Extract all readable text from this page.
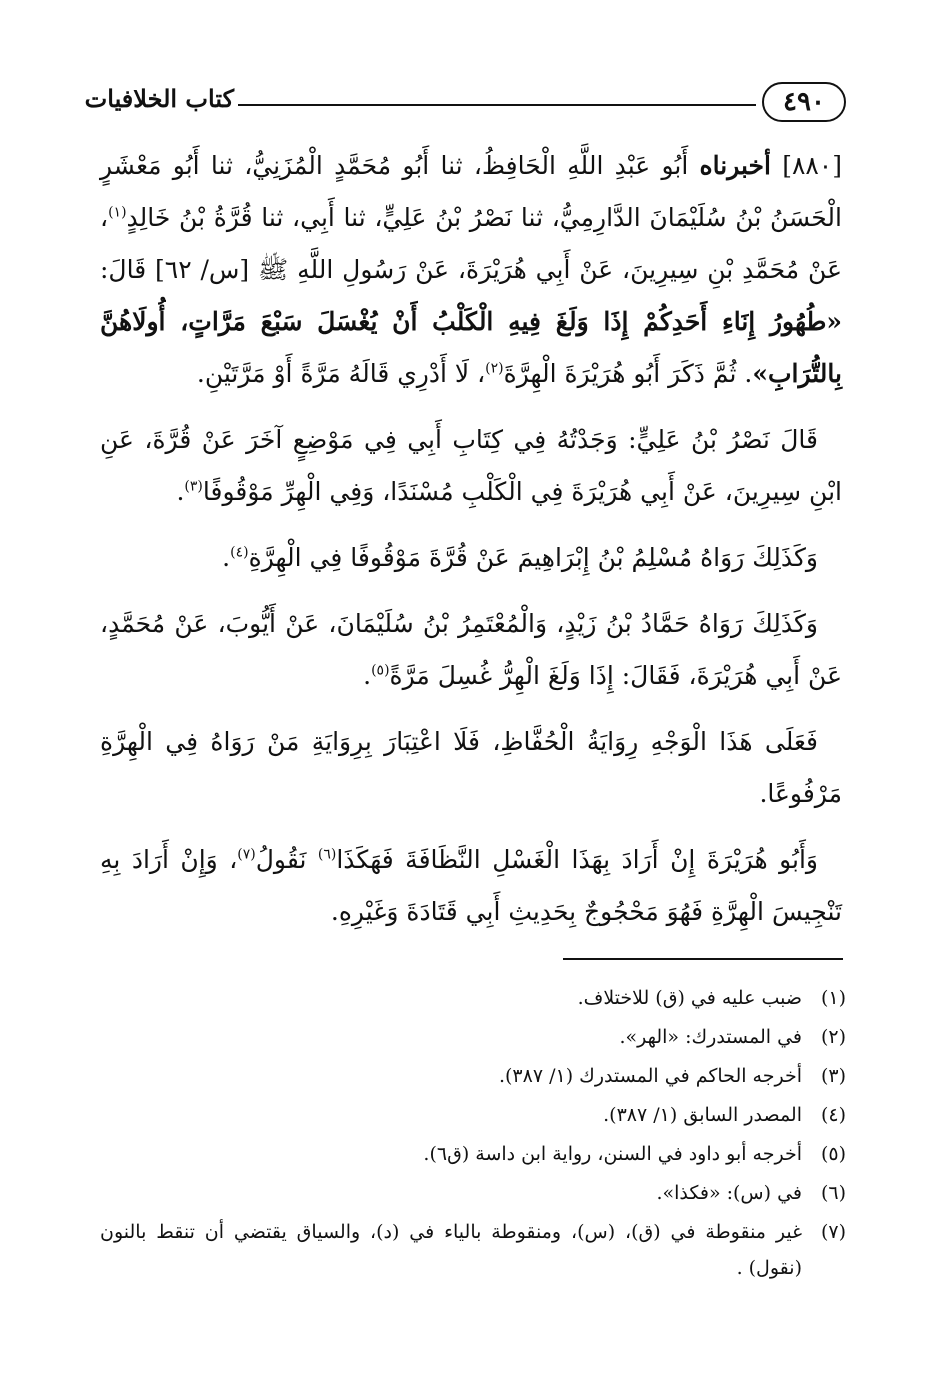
٤٩٠
كتاب الخلافيات

[٨٨٠] أخبرناه أَبُو عَبْدِ اللَّهِ الْحَافِظُ، ثنا أَبُو مُحَمَّدٍ الْمُزَنِيُّ، ثنا أَبُو مَعْشَرٍ الْحَسَنُ بْنُ سُلَيْمَانَ الدَّارِمِيُّ، ثنا نَصْرُ بْنُ عَلِيٍّ، ثنا أَبِي، ثنا قُرَّةُ بْنُ خَالِدٍ$^{(١)}$، عَنْ مُحَمَّدِ بْنِ سِيرِينَ، عَنْ أَبِي هُرَيْرَةَ، عَنْ رَسُولِ اللَّهِ ﷺ [س/ ٦٢] قَالَ: «طُهُورُ إِنَاءِ أَحَدِكُمْ إِذَا وَلَغَ فِيهِ الْكَلْبُ أَنْ يُغْسَلَ سَبْعَ مَرَّاتٍ، أُولَاهُنَّ بِالتُّرَابِ». ثُمَّ ذَكَرَ أَبُو هُرَيْرَةَ الْهِرَّةَ$^{(٢)}$، لَا أَدْرِي قَالَهُ مَرَّةً أَوْ مَرَّتَيْنِ.

قَالَ نَصْرُ بْنُ عَلِيٍّ: وَجَدْتُهُ فِي كِتَابِ أَبِي فِي مَوْضِعٍ آخَرَ عَنْ قُرَّةَ، عَنِ ابْنِ سِيرِينَ، عَنْ أَبِي هُرَيْرَةَ فِي الْكَلْبِ مُسْنَدًا، وَفِي الْهِرِّ مَوْقُوفًا$^{(٣)}$.

وَكَذَلِكَ رَوَاهُ مُسْلِمُ بْنُ إِبْرَاهِيمَ عَنْ قُرَّةَ مَوْقُوفًا فِي الْهِرَّةِ$^{(٤)}$.

وَكَذَلِكَ رَوَاهُ حَمَّادُ بْنُ زَيْدٍ، وَالْمُعْتَمِرُ بْنُ سُلَيْمَانَ، عَنْ أَيُّوبَ، عَنْ مُحَمَّدٍ، عَنْ أَبِي هُرَيْرَةَ، فَقَالَ: إِذَا وَلَغَ الْهِرُّ غُسِلَ مَرَّةً$^{(٥)}$.

فَعَلَى هَذَا الْوَجْهِ رِوَايَةُ الْحُفَّاظِ، فَلَا اعْتِبَارَ بِرِوَايَةِ مَنْ رَوَاهُ فِي الْهِرَّةِ مَرْفُوعًا.

وَأَبُو هُرَيْرَةَ إِنْ أَرَادَ بِهَذَا الْغَسْلِ النَّظَافَةَ فَهَكَذَا$^{(٦)}$ نَقُولُ$^{(٧)}$، وَإِنْ أَرَادَ بِهِ تَنْجِيسَ الْهِرَّةِ فَهُوَ مَحْجُوجٌ بِحَدِيثِ أَبِي قَتَادَةَ وَغَيْرِهِ.

(١)
ضبب عليه في (ق) للاختلاف.
(٢)
في المستدرك: «الهر».
(٣)
أخرجه الحاكم في المستدرك (١/ ٣٨٧).
(٤)
المصدر السابق (١/ ٣٨٧).
(٥)
أخرجه أبو داود في السنن، رواية ابن داسة (ق٦).
(٦)
في (س): «فكذا».
(٧)
غير منقوطة في (ق)، (س)، ومنقوطة بالياء في (د)، والسياق يقتضي أن تنقط بالنون (نقول) .
